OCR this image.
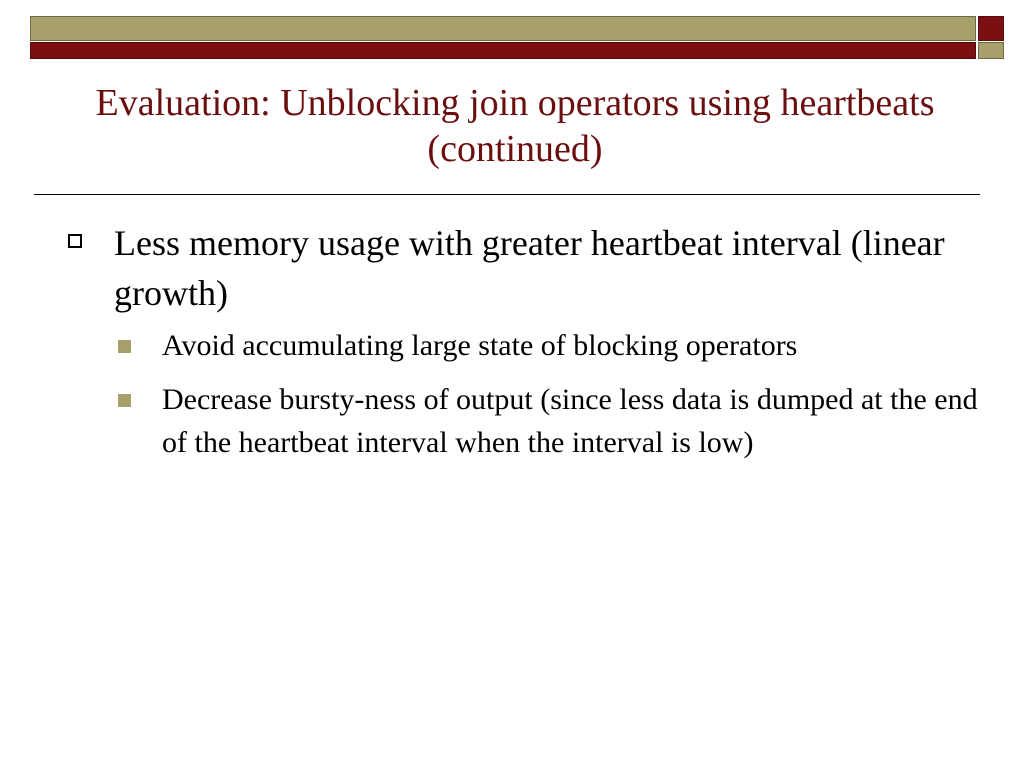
Evaluation: Unblocking join operators using heartbeats (continued)
Less memory usage with greater heartbeat interval (linear growth)
Avoid accumulating large state of blocking operators
Decrease bursty-ness of output (since less data is dumped at the end of the heartbeat interval when the interval is low)
